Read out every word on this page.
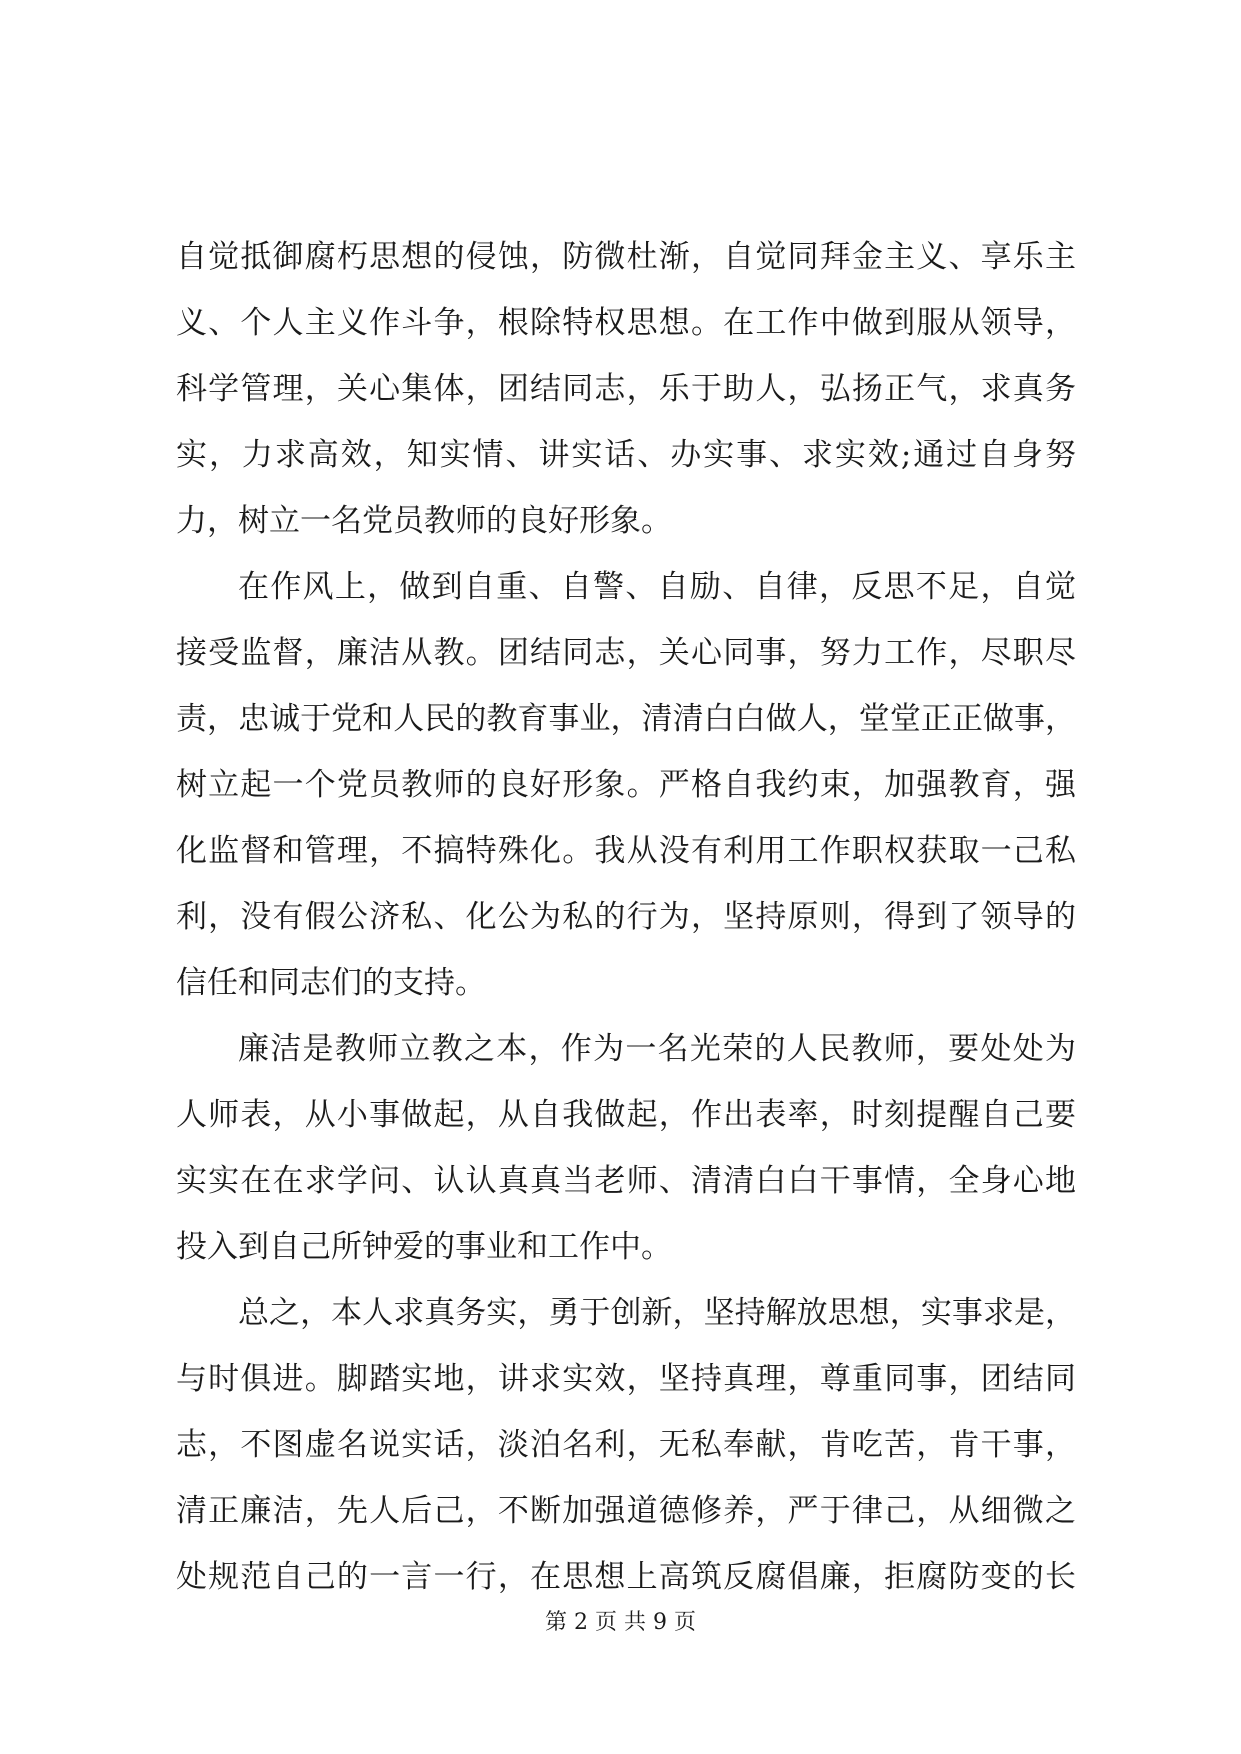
自觉抵御腐朽思想的侵蚀，防微杜渐，自觉同拜金主义、享乐主
义、个人主义作斗争，根除特权思想。在工作中做到服从领导，
科学管理，关心集体，团结同志，乐于助人，弘扬正气，求真务
实，力求高效，知实情、讲实话、办实事、求实效;通过自身努
力，树立一名党员教师的良好形象。
在作风上，做到自重、自警、自励、自律，反思不足，自觉
接受监督，廉洁从教。团结同志，关心同事，努力工作，尽职尽
责，忠诚于党和人民的教育事业，清清白白做人，堂堂正正做事，
树立起一个党员教师的良好形象。严格自我约束，加强教育，强
化监督和管理，不搞特殊化。我从没有利用工作职权获取一己私
利，没有假公济私、化公为私的行为，坚持原则，得到了领导的
信任和同志们的支持。
廉洁是教师立教之本，作为一名光荣的人民教师，要处处为
人师表，从小事做起，从自我做起，作出表率，时刻提醒自己要
实实在在求学问、认认真真当老师、清清白白干事情，全身心地
投入到自己所钟爱的事业和工作中。
总之，本人求真务实，勇于创新，坚持解放思想，实事求是，
与时俱进。脚踏实地，讲求实效，坚持真理，尊重同事，团结同
志，不图虚名说实话，淡泊名利，无私奉献，肯吃苦，肯干事，
清正廉洁，先人后己，不断加强道德修养，严于律己，从细微之
处规范自己的一言一行，在思想上高筑反腐倡廉，拒腐防变的长
第 2 页 共 9 页
